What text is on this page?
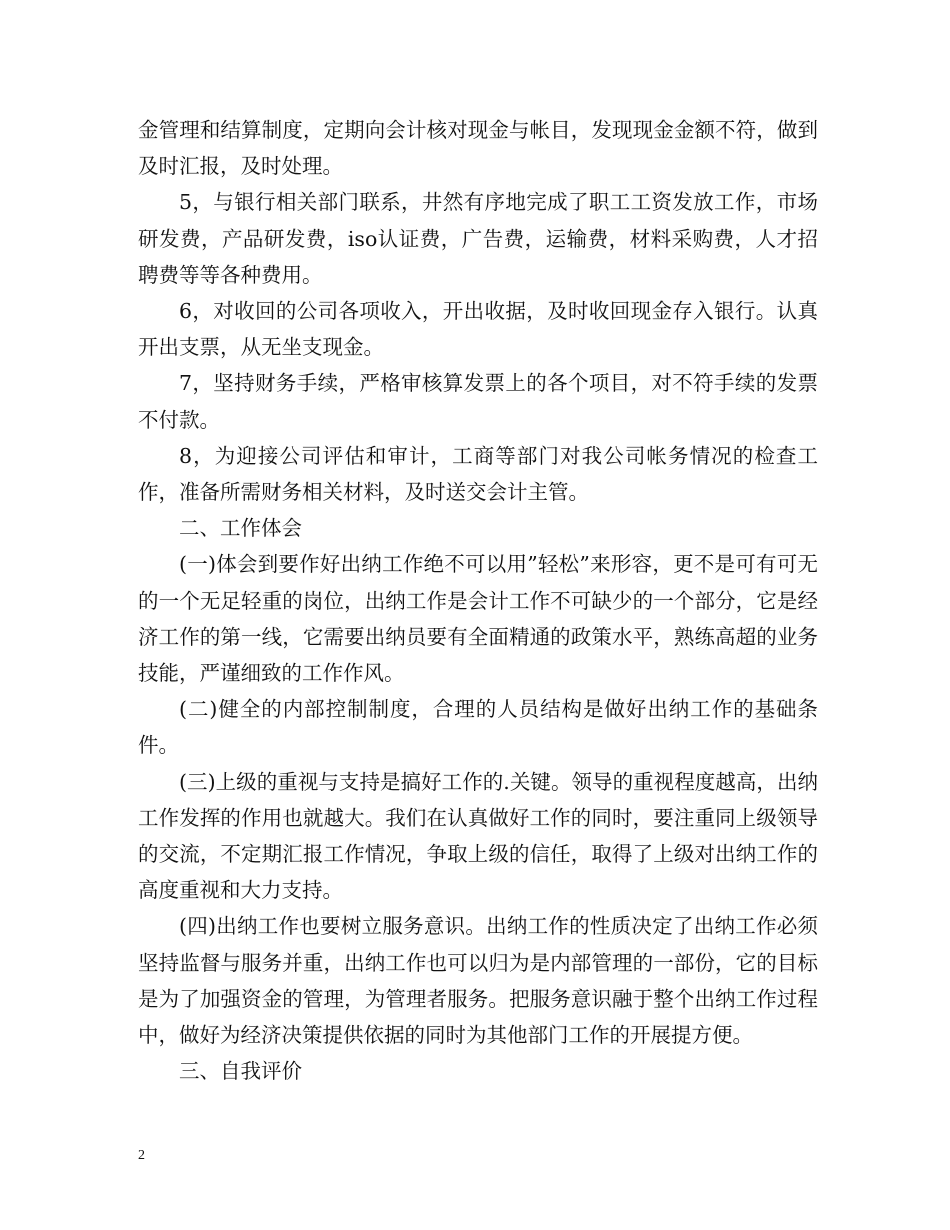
金管理和结算制度，定期向会计核对现金与帐目，发现现金金额不符，做到及时汇报，及时处理。

5，与银行相关部门联系，井然有序地完成了职工工资发放工作，市场研发费，产品研发费，iso认证费，广告费，运输费，材料采购费，人才招聘费等等各种费用。

6，对收回的公司各项收入，开出收据，及时收回现金存入银行。认真开出支票，从无坐支现金。

7，坚持财务手续，严格审核算发票上的各个项目，对不符手续的发票不付款。

8，为迎接公司评估和审计，工商等部门对我公司帐务情况的检查工作，准备所需财务相关材料，及时送交会计主管。

二、工作体会

(一)体会到要作好出纳工作绝不可以用”轻松”来形容，更不是可有可无的一个无足轻重的岗位，出纳工作是会计工作不可缺少的一个部分，它是经济工作的第一线，它需要出纳员要有全面精通的政策水平，熟练高超的业务技能，严谨细致的工作作风。

(二)健全的内部控制制度，合理的人员结构是做好出纳工作的基础条件。

(三)上级的重视与支持是搞好工作的.关键。领导的重视程度越高，出纳工作发挥的作用也就越大。我们在认真做好工作的同时，要注重同上级领导的交流，不定期汇报工作情况，争取上级的信任，取得了上级对出纳工作的高度重视和大力支持。

(四)出纳工作也要树立服务意识。出纳工作的性质决定了出纳工作必须坚持监督与服务并重，出纳工作也可以归为是内部管理的一部份，它的目标是为了加强资金的管理，为管理者服务。把服务意识融于整个出纳工作过程中，做好为经济决策提供依据的同时为其他部门工作的开展提方便。

三、自我评价

2
